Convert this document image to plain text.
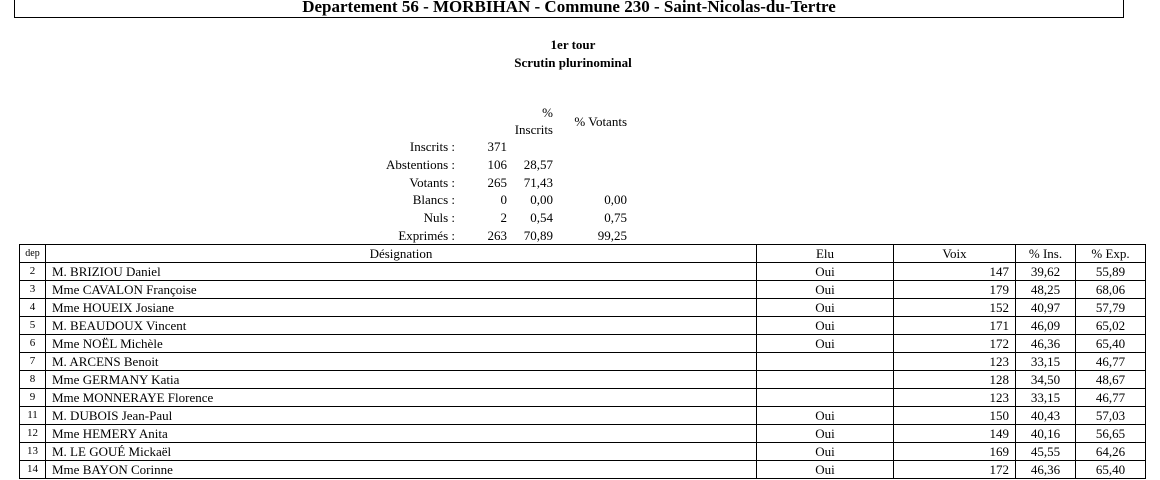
Departement 56 - MORBIHAN - Commune 230 - Saint-Nicolas-du-Tertre
1er tour
Scrutin plurinominal
		% Inscrits	% Votants
Inscrits :	371		
Abstentions :	106	28,57	
Votants :	265	71,43	
Blancs :	0	0,00	0,00
Nuls :	2	0,54	0,75
Exprimés :	263	70,89	99,25
dep	Désignation	Elu	Voix	% Ins.	% Exp.
2	M. BRIZIOU Daniel	Oui	147	39,62	55,89
3	Mme CAVALON Françoise	Oui	179	48,25	68,06
4	Mme HOUEIX Josiane	Oui	152	40,97	57,79
5	M. BEAUDOUX Vincent	Oui	171	46,09	65,02
6	Mme NOËL Michèle	Oui	172	46,36	65,40
7	M. ARCENS Benoit		123	33,15	46,77
8	Mme GERMANY Katia		128	34,50	48,67
9	Mme MONNERAYE Florence		123	33,15	46,77
11	M. DUBOIS Jean-Paul	Oui	150	40,43	57,03
12	Mme HEMERY Anita	Oui	149	40,16	56,65
13	M. LE GOUÉ Mickaël	Oui	169	45,55	64,26
14	Mme BAYON Corinne	Oui	172	46,36	65,40
